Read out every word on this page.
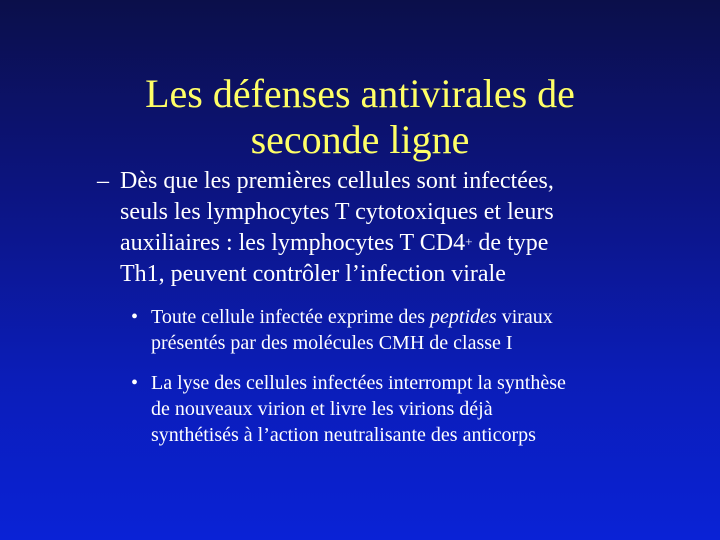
Les défenses antivirales de
seconde ligne
– Dès que les premières cellules sont infectées,
seuls les lymphocytes T cytotoxiques et leurs
auxiliaires : les lymphocytes T CD4+ de type
Th1, peuvent contrôler l’infection virale
• Toute cellule infectée exprime des peptides viraux
présentés par des molécules CMH de classe I
• La lyse des cellules infectées interrompt la synthèse
de nouveaux virion et livre les virions déjà
synthétisés à l’action neutralisante des anticorps
